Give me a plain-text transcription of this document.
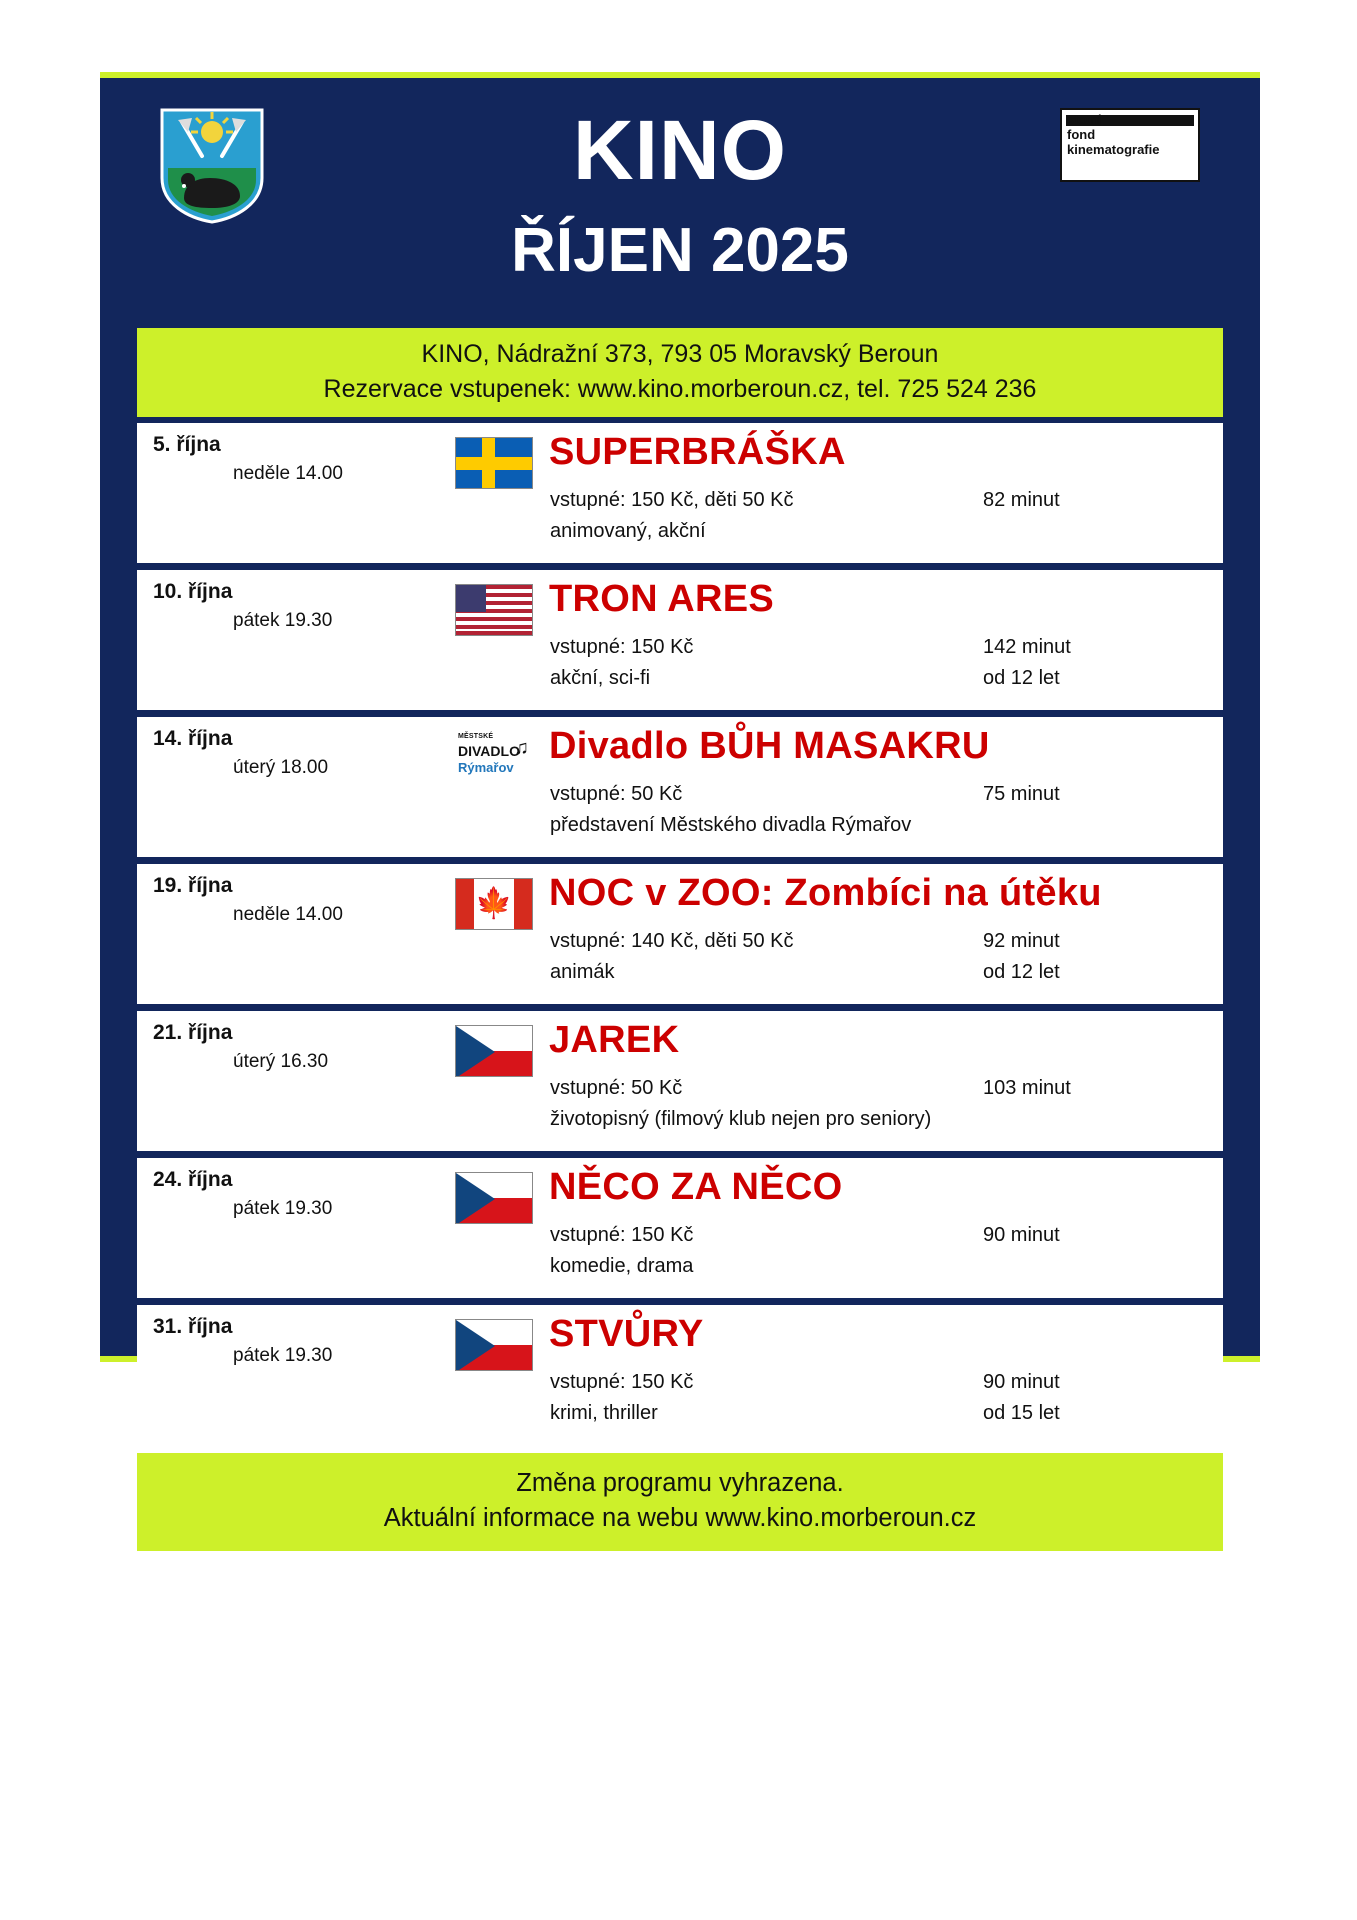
statni
fond
kinematografie
KINO
ŘÍJEN 2025
KINO, Nádražní 373, 793 05 Moravský Beroun
Rezervace vstupenek: www.kino.morberoun.cz, tel. 725 524 236
5. října
neděle 14.00
SUPERBRÁŠKA
vstupné: 150 Kč, děti 50 Kč
animovaný, akční
82 minut
10. října
pátek 19.30
TRON ARES
vstupné: 150 Kč
akční, sci-fi
142 minut
od 12 let
14. října
úterý 18.00
MĚSTSKÉ
DIVADLO
Rýmařov
♫ Divadlo BŮH MASAKRU
vstupné: 50 Kč
představení Městského divadla Rýmařov
75 minut
19. října
neděle 14.00	🍁 NOC v ZOO: Zombíci na útěku
vstupné: 140 Kč, děti 50 Kč
animák
92 minut
od 12 let
21. října
úterý 16.30
JAREK
vstupné: 50 Kč
životopisný (filmový klub nejen pro seniory)
103 minut
24. října
pátek 19.30
NĚCO ZA NĚCO
vstupné: 150 Kč
komedie, drama
90 minut
31. října
pátek 19.30
STVŮRY
vstupné: 150 Kč
krimi, thriller
90 minut
od 15 let
Změna programu vyhrazena.
Aktuální informace na webu www.kino.morberoun.cz
